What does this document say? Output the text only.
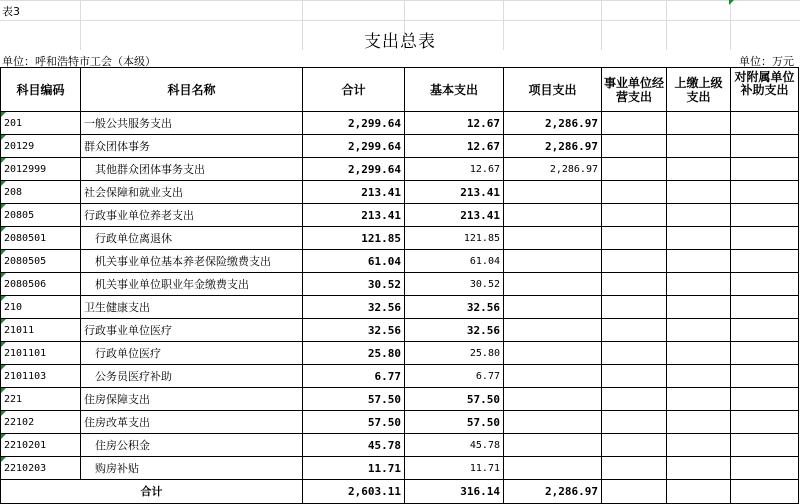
表3
支出总表
单位：呼和浩特市工会（本级）	单位：万元
科目编码	科目名称	合计	基本支出	项目支出	事业单位经营支出	上缴上级支出	对附属单位补助支出
201	一般公共服务支出	2,299.64	12.67	2,286.97			
20129	群众团体事务	2,299.64	12.67	2,286.97			
2012999	其他群众团体事务支出	2,299.64	12.67	2,286.97			
208	社会保障和就业支出	213.41	213.41				
20805	行政事业单位养老支出	213.41	213.41				
2080501	行政单位离退休	121.85	121.85				
2080505	机关事业单位基本养老保险缴费支出	61.04	61.04				
2080506	机关事业单位职业年金缴费支出	30.52	30.52				
210	卫生健康支出	32.56	32.56				
21011	行政事业单位医疗	32.56	32.56				
2101101	行政单位医疗	25.80	25.80				
2101103	公务员医疗补助	6.77	6.77				
221	住房保障支出	57.50	57.50				
22102	住房改革支出	57.50	57.50				
2210201	住房公积金	45.78	45.78				
2210203	购房补贴	11.71	11.71				
合计		2,603.11	316.14	2,286.97			
